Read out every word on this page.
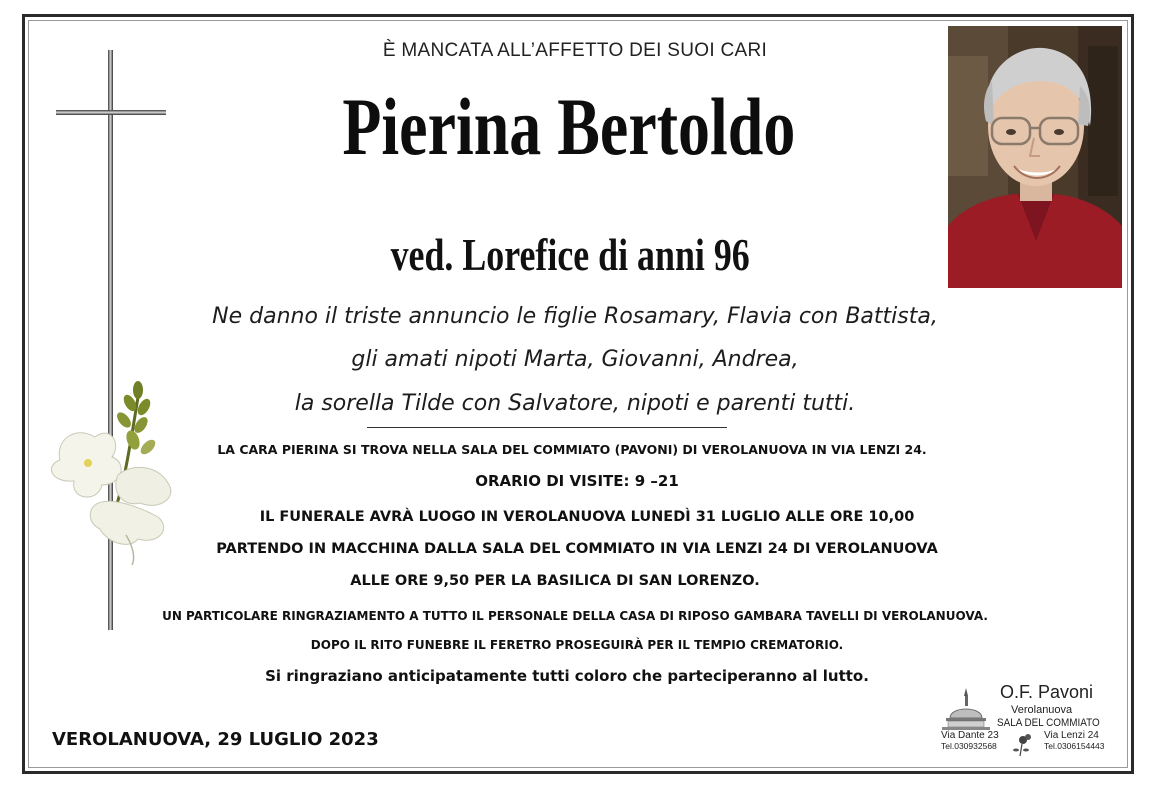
È MANCATA ALL’AFFETTO DEI SUOI CARI
Pierina Bertoldo
ved. Lorefice di anni 96
Ne danno il triste annuncio le figlie Rosamary, Flavia con Battista,
gli amati nipoti Marta, Giovanni, Andrea,
la sorella Tilde con Salvatore, nipoti e parenti tutti.
LA CARA PIERINA SI TROVA NELLA SALA DEL COMMIATO (PAVONI) DI VEROLANUOVA IN VIA LENZI 24.
ORARIO DI VISITE: 9 –21
IL FUNERALE AVRÀ LUOGO IN VEROLANUOVA LUNEDÌ 31 LUGLIO ALLE ORE 10,00
PARTENDO IN MACCHINA DALLA SALA DEL COMMIATO IN VIA LENZI 24 DI VEROLANUOVA
ALLE ORE 9,50 PER LA BASILICA DI SAN LORENZO.
UN PARTICOLARE RINGRAZIAMENTO A TUTTO IL PERSONALE DELLA CASA DI RIPOSO GAMBARA TAVELLI DI VEROLANUOVA.
DOPO IL RITO FUNEBRE IL FERETRO PROSEGUIRÀ PER IL TEMPIO CREMATORIO.
Si ringraziano anticipatamente tutti coloro che parteciperanno al lutto.
VEROLANUOVA, 29 LUGLIO 2023
O.F. Pavoni
Verolanuova
SALA DEL COMMIATO
Via Dante 23
Tel.030932568
Via Lenzi 24
Tel.0306154443
